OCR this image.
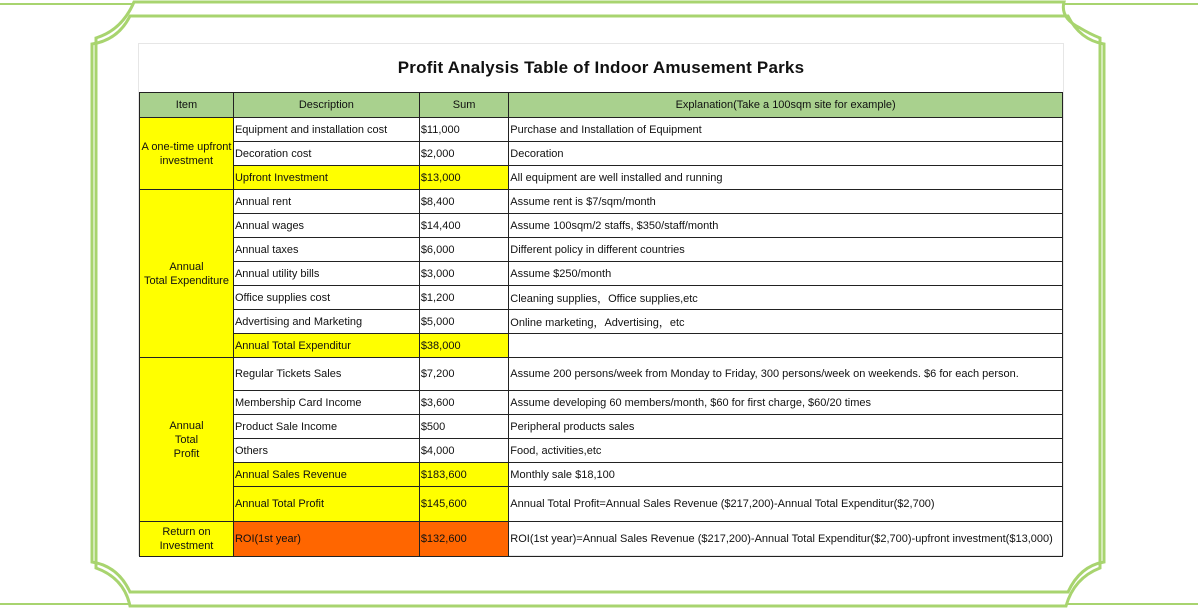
Profit Analysis Table of Indoor Amusement Parks
Item	Description	Sum	Explanation(Take a 100sqm site for example)

A one-time upfront
investment	Equipment and installation cost	$11,000	Purchase and Installation of Equipment
	Decoration cost	$2,000	Decoration
	Upfront Investment	$13,000	All equipment are well installed and running

Annual
Total Expenditure	Annual rent	$8,400	Assume rent is $7/sqm/month
	Annual wages	$14,400	Assume 100sqm/2 staffs, $350/staff/month
	Annual taxes	$6,000	Different policy in different countries
	Annual utility bills	$3,000	Assume $250/month
	Office supplies cost	$1,200	Cleaning supplies，Office supplies,etc
	Advertising and Marketing	$5,000	Online marketing，Advertising，etc
	Annual Total Expenditur	$38,000	

Annual
Total
Profit	Regular Tickets Sales	$7,200	Assume 200 persons/week from Monday to Friday, 300 persons/week on weekends. $6 for each person.
	Membership Card Income	$3,600	Assume developing 60 members/month, $60 for first charge, $60/20 times
	Product Sale Income	$500	Peripheral products sales
	Others	$4,000	Food, activities,etc
	Annual Sales Revenue	$183,600	Monthly sale $18,100
	Annual Total Profit	$145,600	Annual Total Profit=Annual Sales Revenue ($217,200)-Annual Total Expenditur($2,700)

Return on
Investment	ROI(1st year)	$132,600	ROI(1st year)=Annual Sales Revenue ($217,200)-Annual Total Expenditur($2,700)-upfront investment($13,000)
